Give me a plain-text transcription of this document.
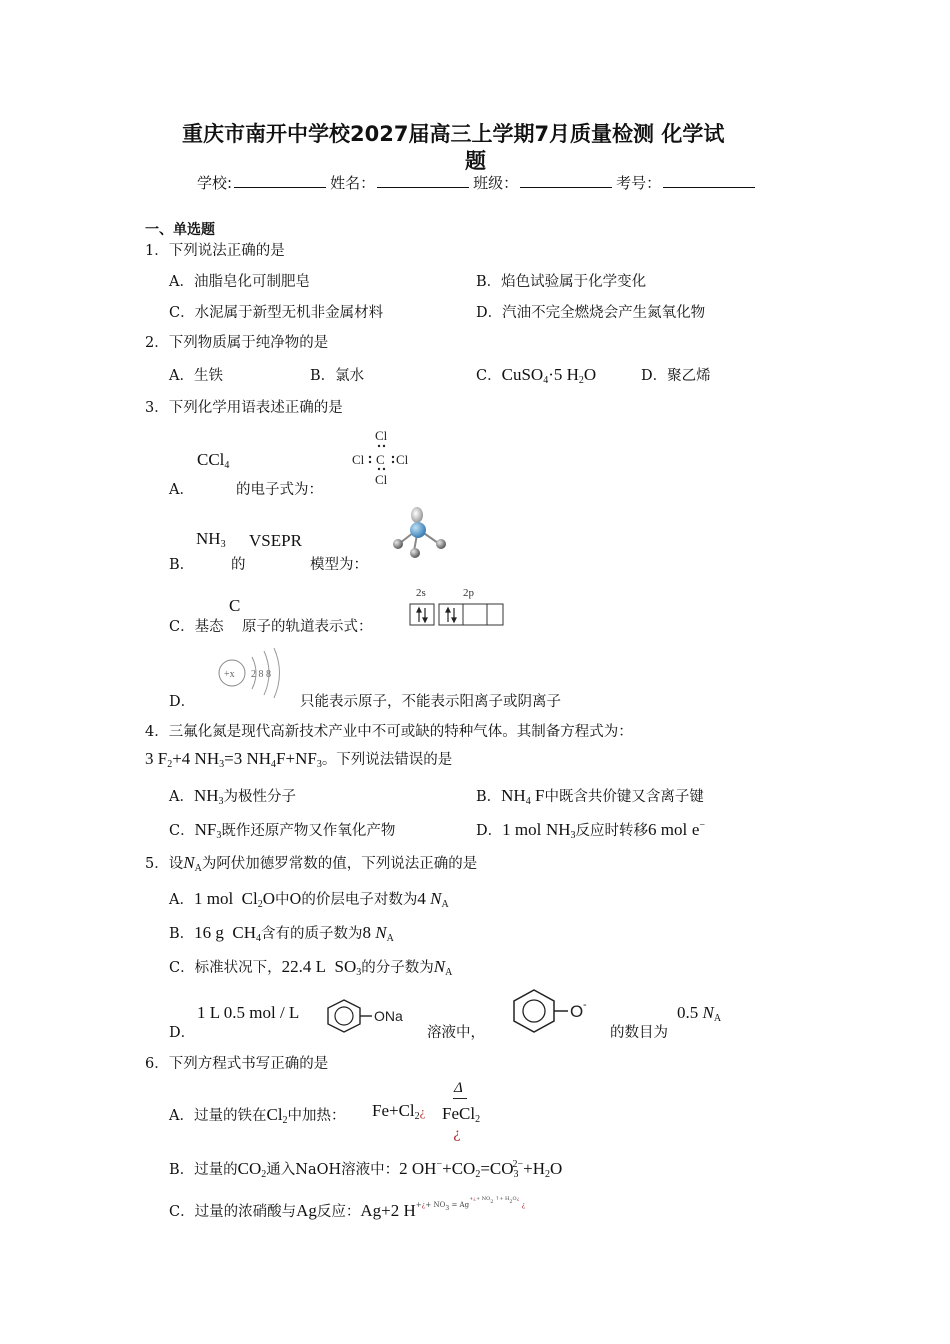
重庆市南开中学校2027届高三上学期7月质量检测 化学试
题
学校:	姓名：	班级：	考号：
一、单选题
1．下列说法正确的是
A．油脂皂化可制肥皂	B．焰色试验属于化学变化
C．水泥属于新型无机非金属材料	D．汽油不完全燃烧会产生氮氧化物
2．下列物质属于纯净物的是
A．生铁	B．氯水	C．CuSO$_4$·5 $H_2O$	D．聚乙烯
3．下列化学用语表述正确的是
A．
CCl$_4$
的电子式为：
Cl
Cl C Cl
Cl
B．
$NH_3$
的
VSEPR
模型为：
C．基态
C
原子的轨道表示式：
2s	2p
D．
+x 2 8 8
只能表示原子，不能表示阳离子或阴离子
4．三氟化氮是现代高新技术产业中不可或缺的特种气体。其制备方程式为：
3 $F_2+4$ $NH_3=3$ $NH_4F+NF_3$。下列说法错误的是
A．$NH_3$为极性分子	B．$NH_4$ F中既含共价键又含离子键
C．$NF_3$既作还原产物又作氧化产物	D．1 mol $NH_3$反应时转移6 mol e−
5．设$N_A$为阿伏加德罗常数的值，下列说法正确的是
A．1 mol  $Cl_2O$中O的价层电子对数为4 $N_A$
B．16 g  $CH_4$含有的质子数为8 $N_A$
C．标准状况下，22.4 L  $SO_3$的分子数为$N_A$
D．
1 L 0.5 mol / L	ONa
溶液中，
O -
的数目为
0.5 $N_A$
6．下列方程式书写正确的是
A．过量的铁在$Cl_2$中加热： $Fe+Cl_2¿$
Δ
FeCl$_2$
¿
B．过量的$CO_2$通入NaOH溶液中：2 $OH^-+CO_2=CO_3^{2-}+H_2O$
C．过量的浓硝酸与Ag反应：Ag+2 $H^{+¿+ NO_3 = Ag^{+¿+ NO_2 ↑+ H_2O¿} ¿}$
